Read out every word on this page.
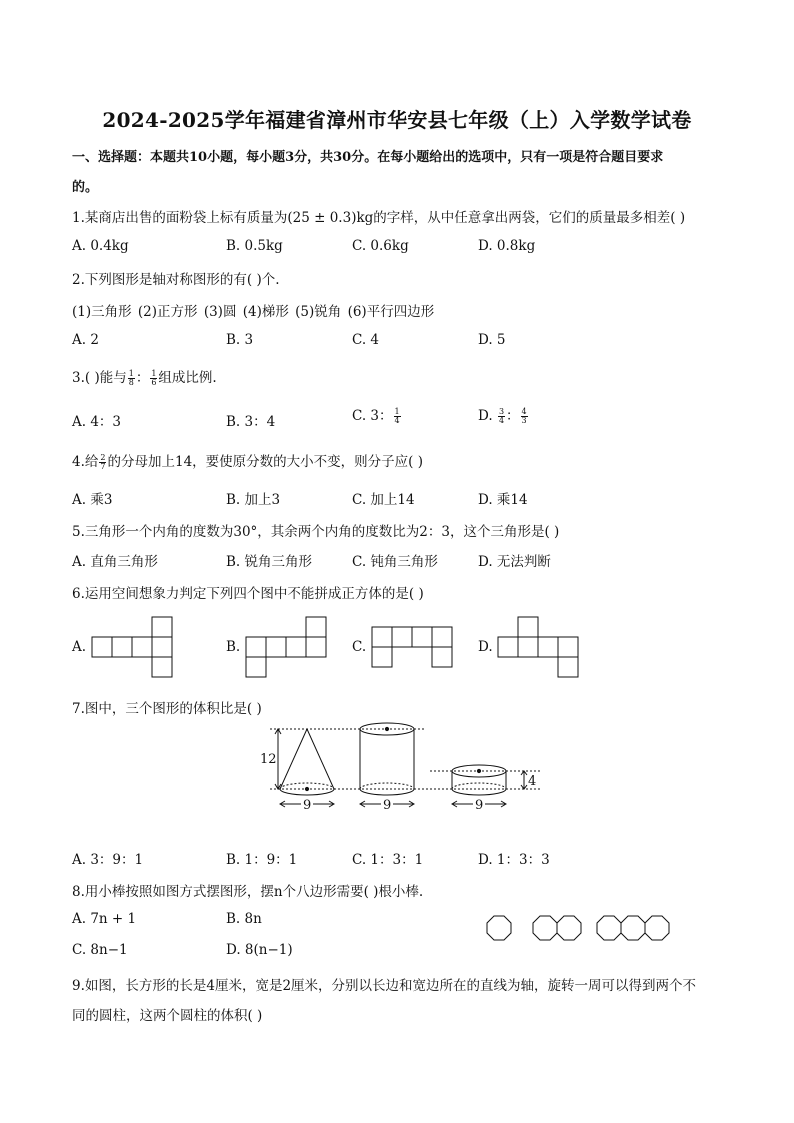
2024-2025学年福建省漳州市华安县七年级（上）入学数学试卷
一、选择题：本题共10小题，每小题3分，共30分。在每小题给出的选项中，只有一项是符合题目要求
的。
1.某商店出售的面粉袋上标有质量为(25 ± 0.3)kg的字样，从中任意拿出两袋，它们的质量最多相差( )
A. 0.4kg	B. 0.5kg	C. 0.6kg	D. 0.8kg
2.下列图形是轴对称图形的有( )个.
(1)三角形 (2)正方形 (3)圆 (4)梯形 (5)锐角 (6)平行四边形
A. 2	B. 3	C. 4	D. 5
3.( )能与 $\frac{1}{8}$ ： $\frac{1}{6}$ 组成比例.
A. 4：3	B. 3：4	C. 3： $\frac{1}{4}$	D. $\frac{3}{4}$ ： $\frac{4}{3}$
4.给 $\frac{2}{7}$ 的分母加上14，要使原分数的大小不变，则分子应( )
A. 乘3	B. 加上3	C. 加上14	D. 乘14
5.三角形一个内角的度数为30°，其余两个内角的度数比为2：3，这个三角形是( )
A. 直角三角形	B. 锐角三角形	C. 钝角三角形	D. 无法判断
6.运用空间想象力判定下列四个图中不能拼成正方体的是( )
A.	B.	C.	D.
7.图中，三个图形的体积比是( )
12
4
9	9	9
A. 3：9：1	B. 1：9：1	C. 1：3：1	D. 1：3：3
8.用小棒按照如图方式摆图形，摆n个八边形需要( )根小棒.
A. 7n + 1	B. 8n
C. 8n−1	D. 8(n−1)
9.如图，长方形的长是4厘米，宽是2厘米，分别以长边和宽边所在的直线为轴，旋转一周可以得到两个不
同的圆柱，这两个圆柱的体积( )
